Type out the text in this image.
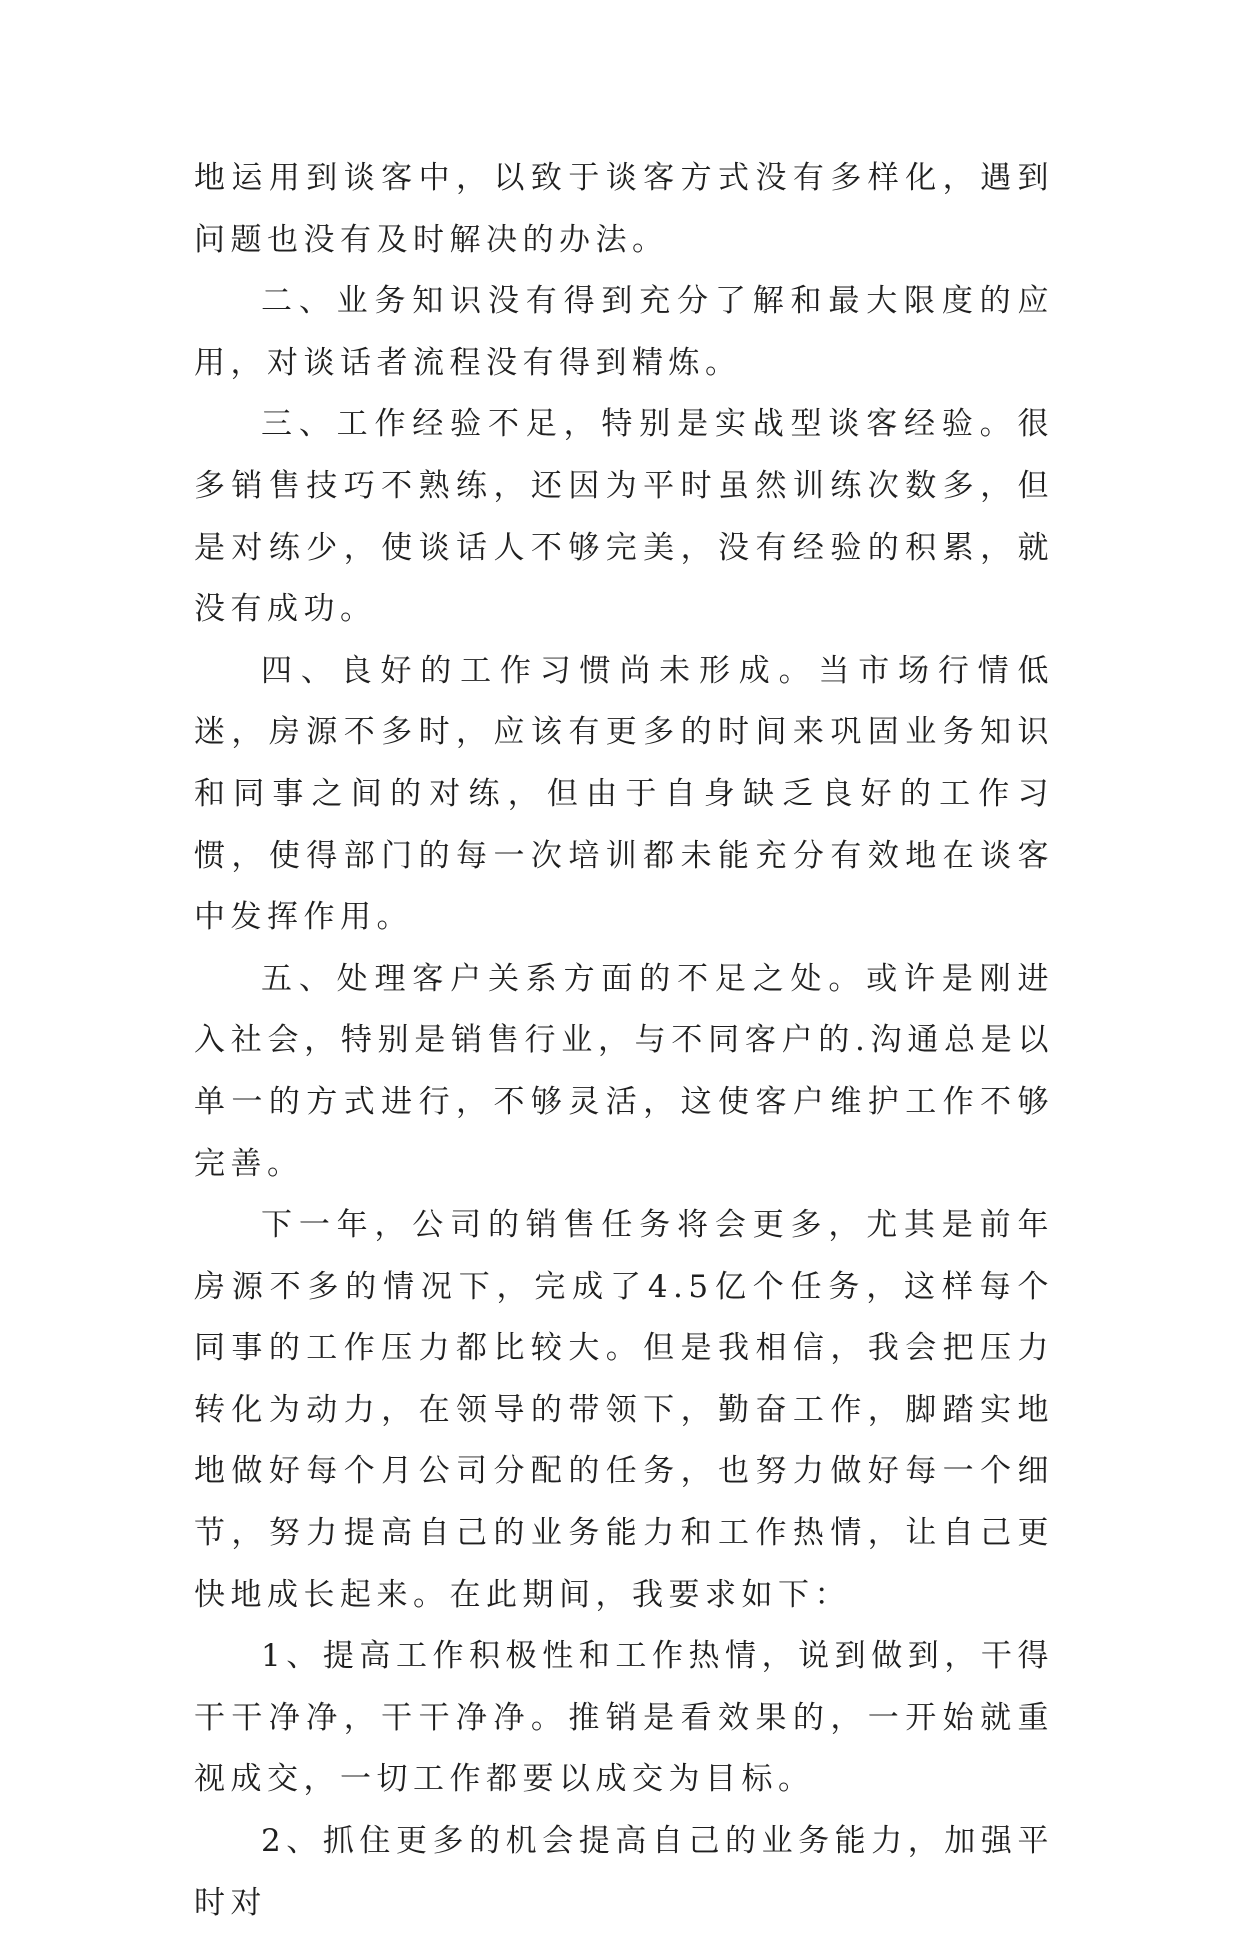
地运用到谈客中，以致于谈客方式没有多样化，遇到问题也没有及时解决的办法。

二、业务知识没有得到充分了解和最大限度的应用，对谈话者流程没有得到精炼。

三、工作经验不足，特别是实战型谈客经验。很多销售技巧不熟练，还因为平时虽然训练次数多，但是对练少，使谈话人不够完美，没有经验的积累，就没有成功。

四、良好的工作习惯尚未形成。当市场行情低迷，房源不多时，应该有更多的时间来巩固业务知识和同事之间的对练，但由于自身缺乏良好的工作习惯，使得部门的每一次培训都未能充分有效地在谈客中发挥作用。

五、处理客户关系方面的不足之处。或许是刚进入社会，特别是销售行业，与不同客户的.沟通总是以单一的方式进行，不够灵活，这使客户维护工作不够完善。

下一年，公司的销售任务将会更多，尤其是前年房源不多的情况下，完成了4.5亿个任务，这样每个同事的工作压力都比较大。但是我相信，我会把压力转化为动力，在领导的带领下，勤奋工作，脚踏实地地做好每个月公司分配的任务，也努力做好每一个细节，努力提高自己的业务能力和工作热情，让自己更快地成长起来。在此期间，我要求如下：

1、提高工作积极性和工作热情，说到做到，干得干干净净，干干净净。推销是看效果的，一开始就重视成交，一切工作都要以成交为目标。

2、抓住更多的机会提高自己的业务能力，加强平时对
